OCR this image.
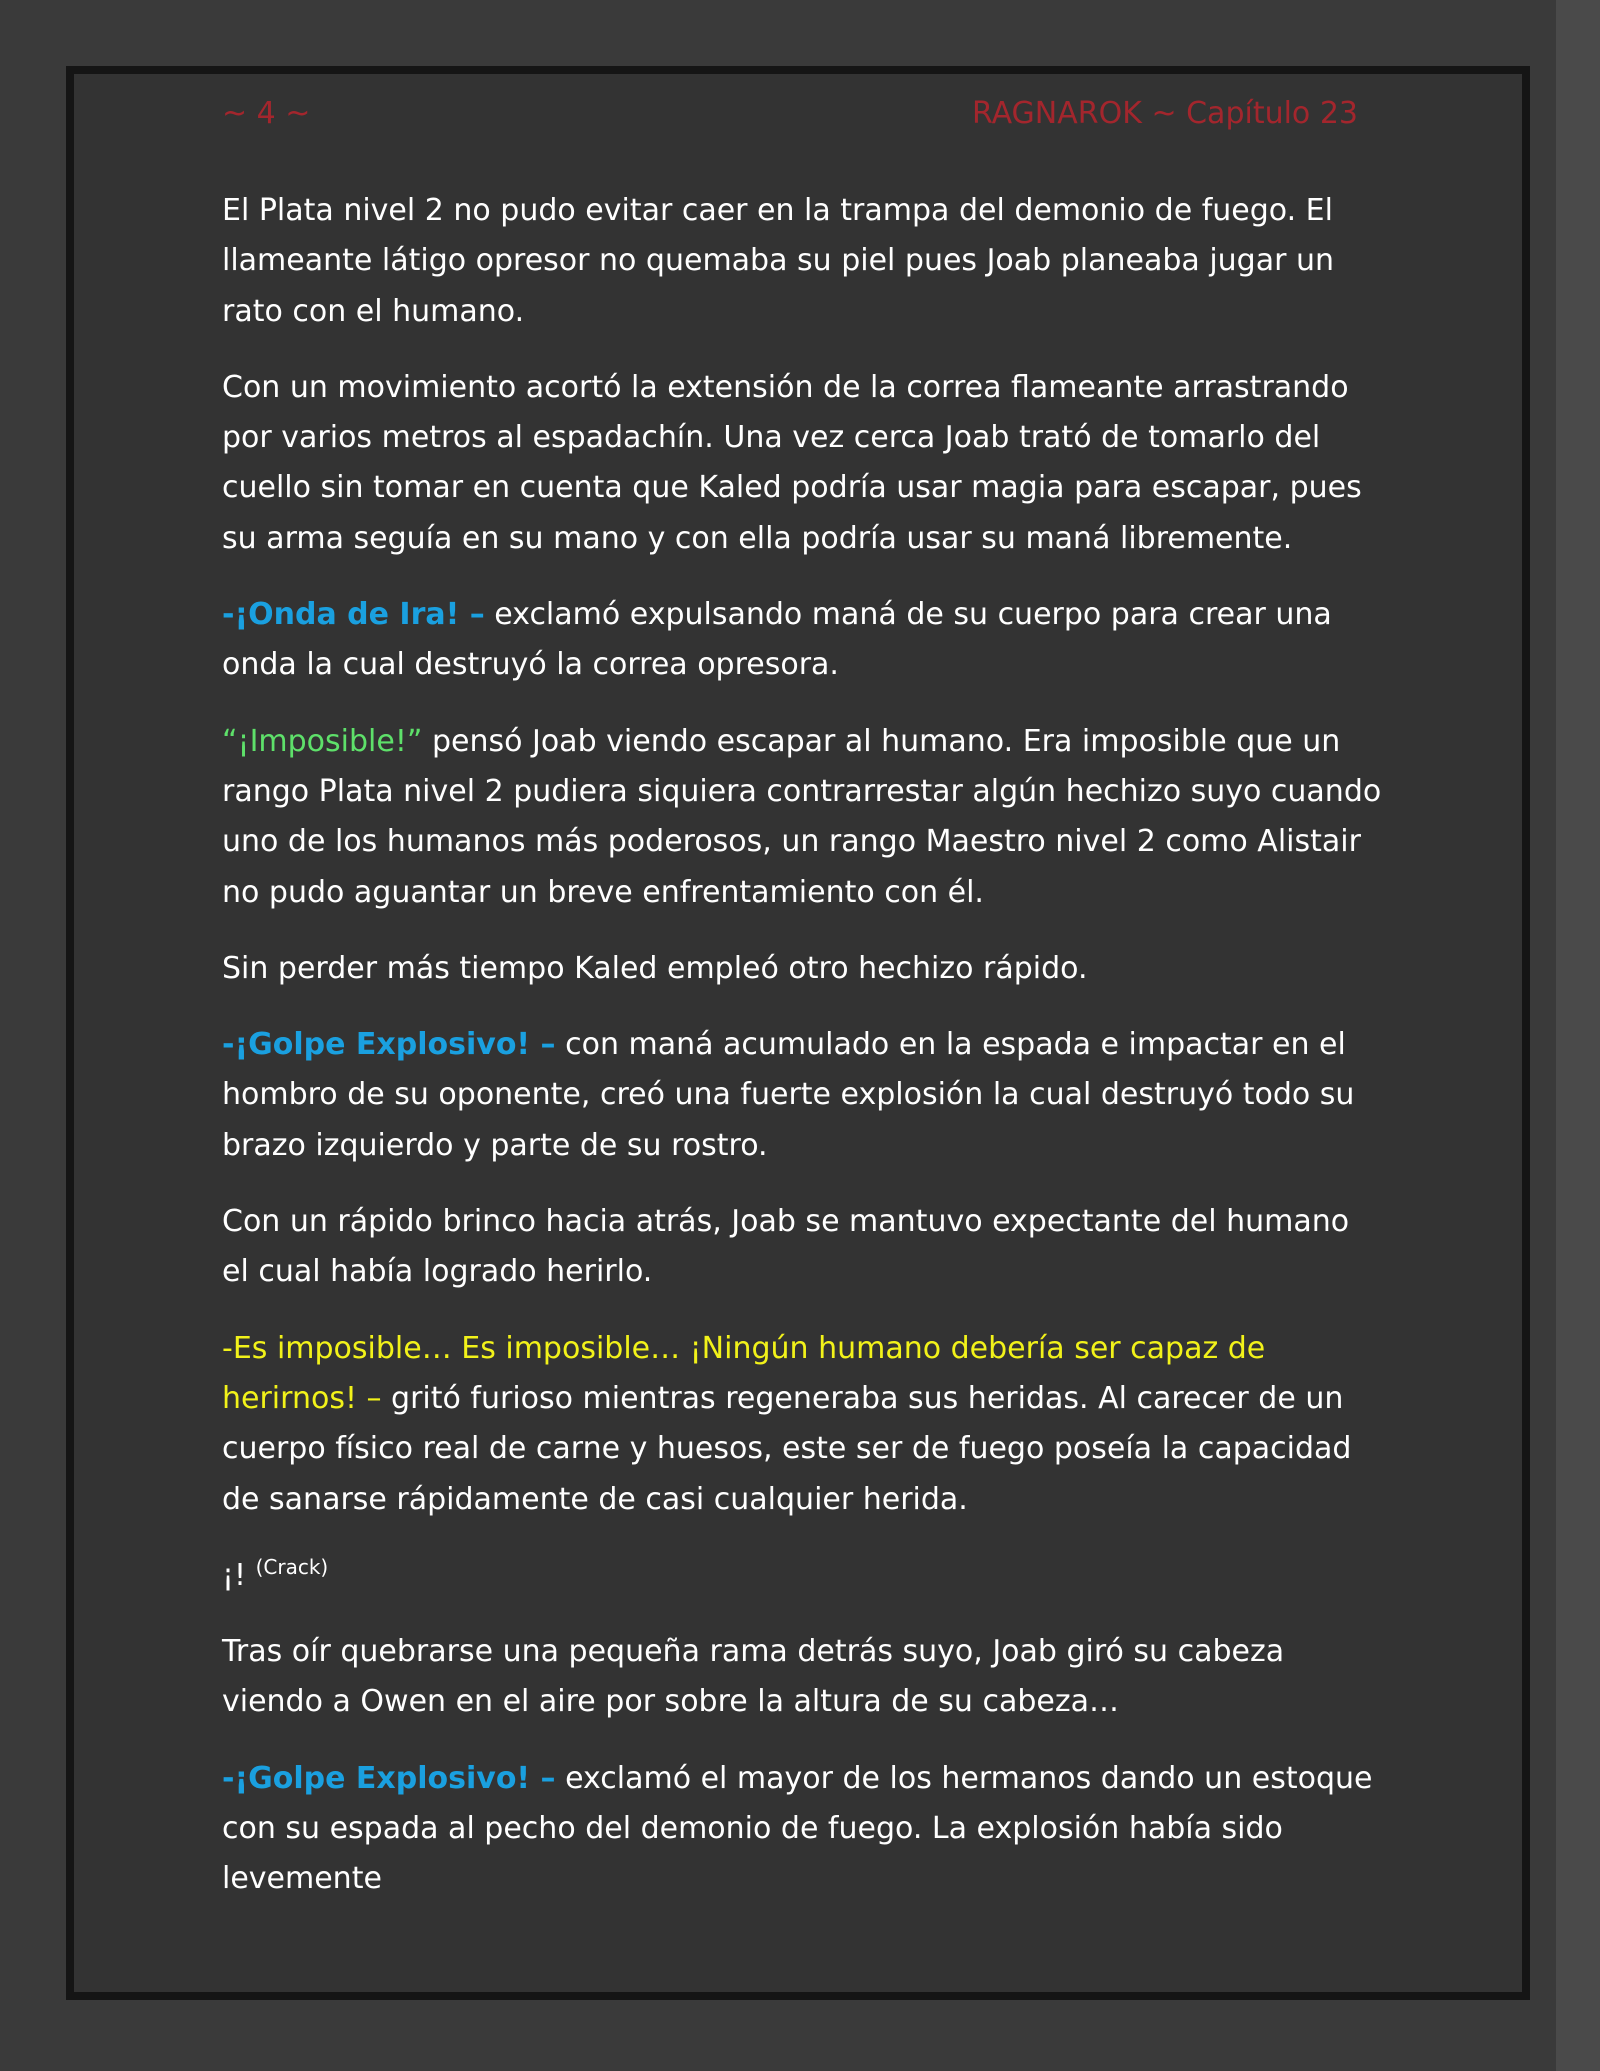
~ 4 ~	RAGNAROK ~ Capítulo 23

El Plata nivel 2 no pudo evitar caer en la trampa del demonio de fuego. El llameante látigo opresor no quemaba su piel pues Joab planeaba jugar un rato con el humano.

Con un movimiento acortó la extensión de la correa flameante arrastrando por varios metros al espadachín. Una vez cerca Joab trató de tomarlo del cuello sin tomar en cuenta que Kaled podría usar magia para escapar, pues su arma seguía en su mano y con ella podría usar su maná libremente.

-¡Onda de Ira! – exclamó expulsando maná de su cuerpo para crear una onda la cual destruyó la correa opresora.

“¡Imposible!” pensó Joab viendo escapar al humano. Era imposible que un rango Plata nivel 2 pudiera siquiera contrarrestar algún hechizo suyo cuando uno de los humanos más poderosos, un rango Maestro nivel 2 como Alistair no pudo aguantar un breve enfrentamiento con él.

Sin perder más tiempo Kaled empleó otro hechizo rápido.

-¡Golpe Explosivo! – con maná acumulado en la espada e impactar en el hombro de su oponente, creó una fuerte explosión la cual destruyó todo su brazo izquierdo y parte de su rostro.

Con un rápido brinco hacia atrás, Joab se mantuvo expectante del humano el cual había logrado herirlo.

-Es imposible… Es imposible… ¡Ningún humano debería ser capaz de herirnos! – gritó furioso mientras regeneraba sus heridas. Al carecer de un cuerpo físico real de carne y huesos, este ser de fuego poseía la capacidad de sanarse rápidamente de casi cualquier herida.

¡! $^{(Crack)}$

Tras oír quebrarse una pequeña rama detrás suyo, Joab giró su cabeza viendo a Owen en el aire por sobre la altura de su cabeza…

-¡Golpe Explosivo! – exclamó el mayor de los hermanos dando un estoque con su espada al pecho del demonio de fuego. La explosión había sido levemente
